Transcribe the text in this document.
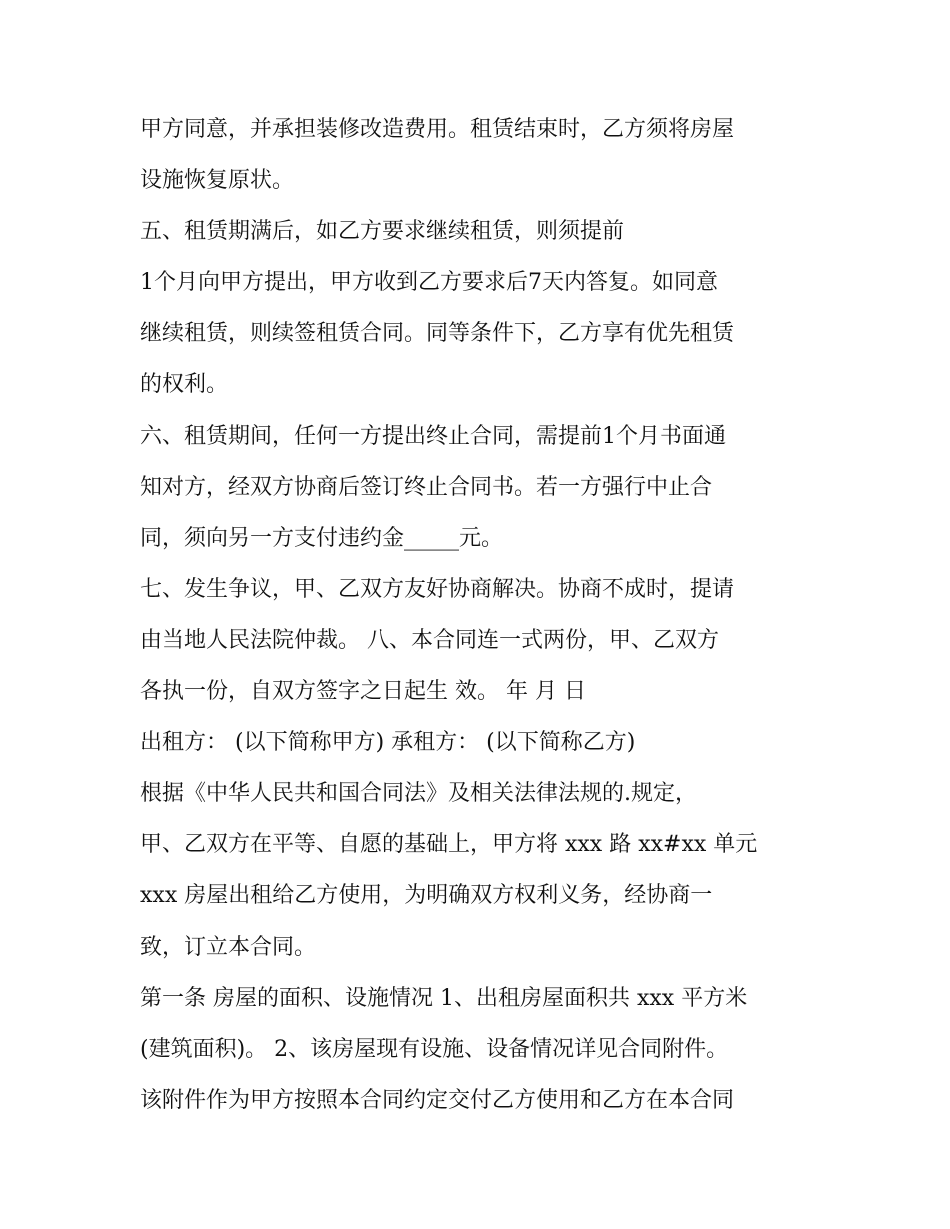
甲方同意，并承担装修改造费用。租赁结束时，乙方须将房屋
设施恢复原状。
五、租赁期满后，如乙方要求继续租赁，则须提前
1个月向甲方提出，甲方收到乙方要求后7天内答复。如同意
继续租赁，则续签租赁合同。同等条件下，乙方享有优先租赁
的权利。
六、租赁期间，任何一方提出终止合同，需提前1个月书面通
知对方，经双方协商后签订终止合同书。若一方强行中止合
同，须向另一方支付违约金_____元。
七、发生争议，甲、乙双方友好协商解决。协商不成时，提请
由当地人民法院仲裁。 八、本合同连一式两份，甲、乙双方
各执一份，自双方签字之日起生 效。 年 月 日
出租方： (以下简称甲方) 承租方： (以下简称乙方)
根据《中华人民共和国合同法》及相关法律法规的.规定，
甲、乙双方在平等、自愿的基础上，甲方将 xxx 路 xx#xx 单元
xxx 房屋出租给乙方使用，为明确双方权利义务，经协商一
致，订立本合同。
第一条 房屋的面积、设施情况 1、出租房屋面积共 xxx 平方米
(建筑面积)。 2、该房屋现有设施、设备情况详见合同附件。
该附件作为甲方按照本合同约定交付乙方使用和乙方在本合同
